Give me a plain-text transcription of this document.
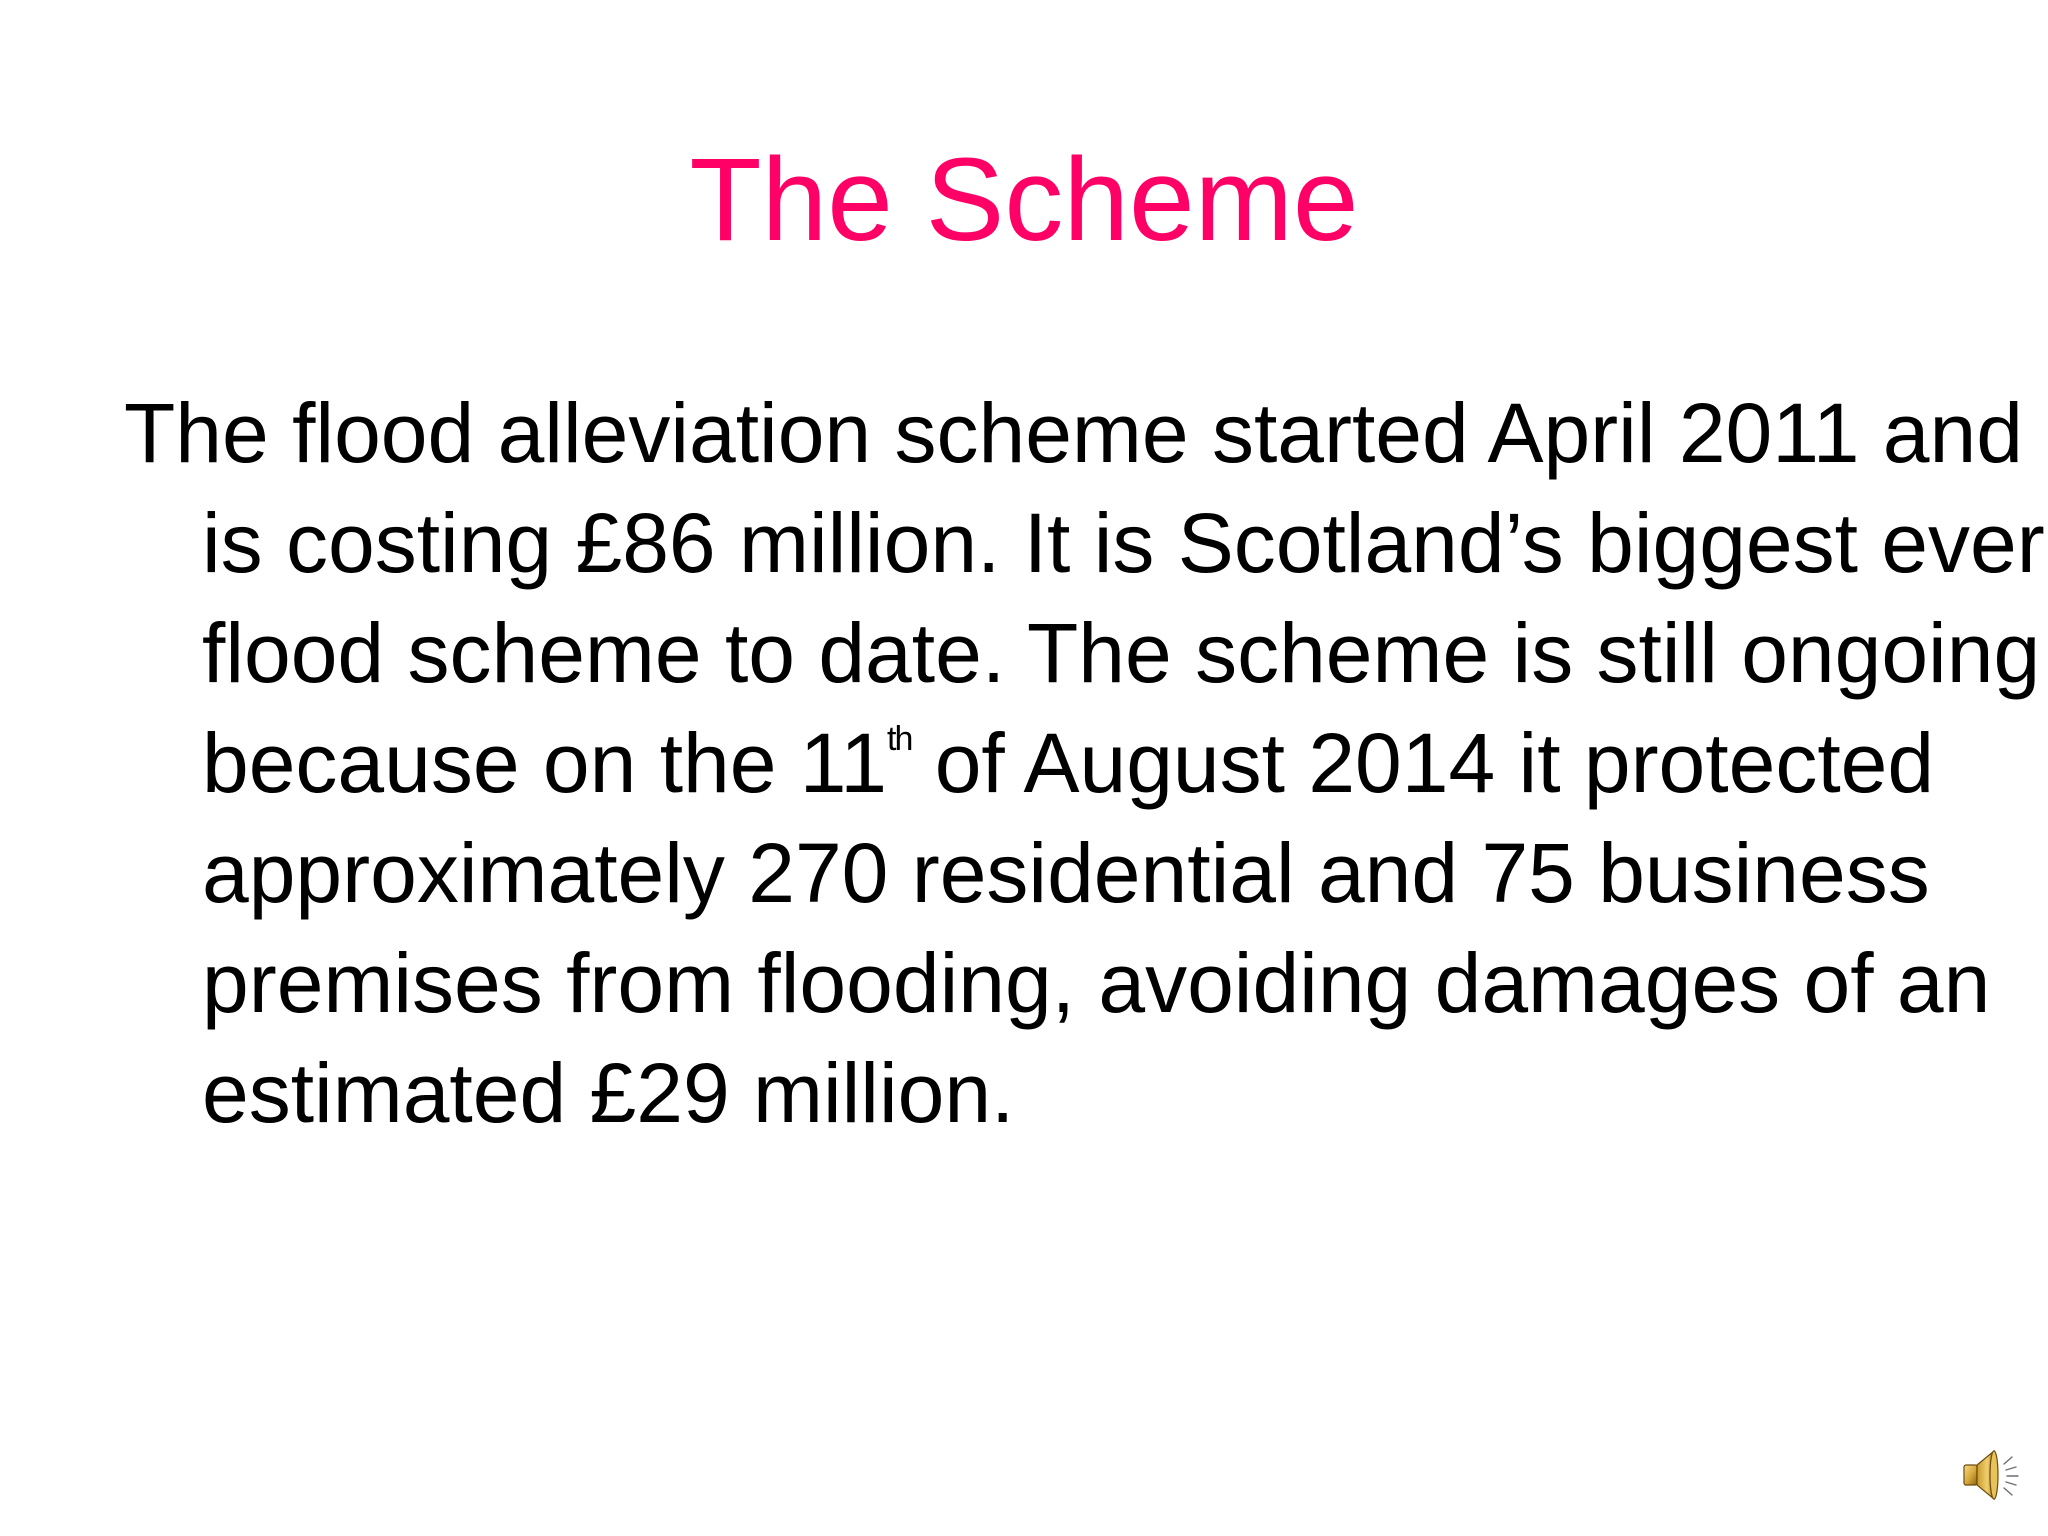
The Scheme

The flood alleviation scheme started April 2011 and is costing £86 million. It is Scotland’s biggest ever flood scheme to date. The scheme is still ongoing because on the 11th of August 2014 it protected approximately 270 residential and 75 business premises from flooding, avoiding damages of an estimated £29 million.
